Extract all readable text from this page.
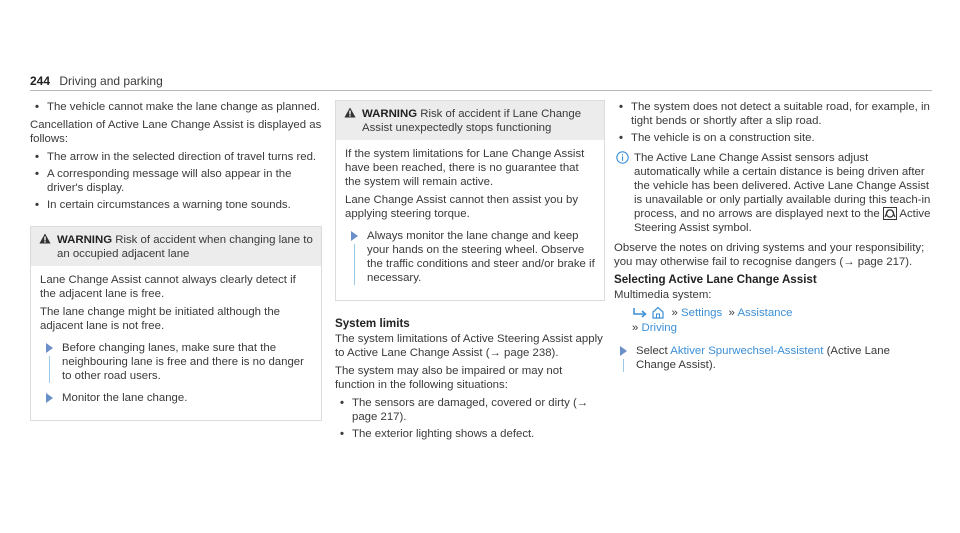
244 Driving and parking
• The vehicle cannot make the lane change as planned.

Cancellation of Active Lane Change Assist is displayed as follows:

• The arrow in the selected direction of travel turns red.
• A corresponding message will also appear in the driver's display.
• In certain circumstances a warning tone sounds.
WARNING Risk of accident when changing lane to an occupied adjacent lane

Lane Change Assist cannot always clearly detect if the adjacent lane is free.

The lane change might be initiated although the adjacent lane is not free.

Before changing lanes, make sure that the neighbouring lane is free and there is no danger to other road users.
Monitor the lane change.
WARNING Risk of accident if Lane Change Assist unexpectedly stops functioning

If the system limitations for Lane Change Assist have been reached, there is no guarantee that the system will remain active.

Lane Change Assist cannot then assist you by applying steering torque.

Always monitor the lane change and keep your hands on the steering wheel. Observe the traffic conditions and steer and/or brake if necessary.
System limits

The system limitations of Active Steering Assist apply to Active Lane Change Assist (→ page 238).

The system may also be impaired or may not function in the following situations:

• The sensors are damaged, covered or dirty (→ page 217).
• The exterior lighting shows a defect.
• The system does not detect a suitable road, for example, in tight bends or shortly after a slip road.
• The vehicle is on a construction site.
The Active Lane Change Assist sensors adjust automatically while a certain distance is being driven after the vehicle has been delivered. Active Lane Change Assist is unavailable or only partially available during this teach-in process, and no arrows are displayed next to the Active Steering Assist symbol.

Observe the notes on driving systems and your responsibility; you may otherwise fail to recognise dangers (→ page 217).

Selecting Active Lane Change Assist

Multimedia system:

» Settings » Assistance
» Driving
Select Aktiver Spurwechsel-Assistent (Active Lane Change Assist).
